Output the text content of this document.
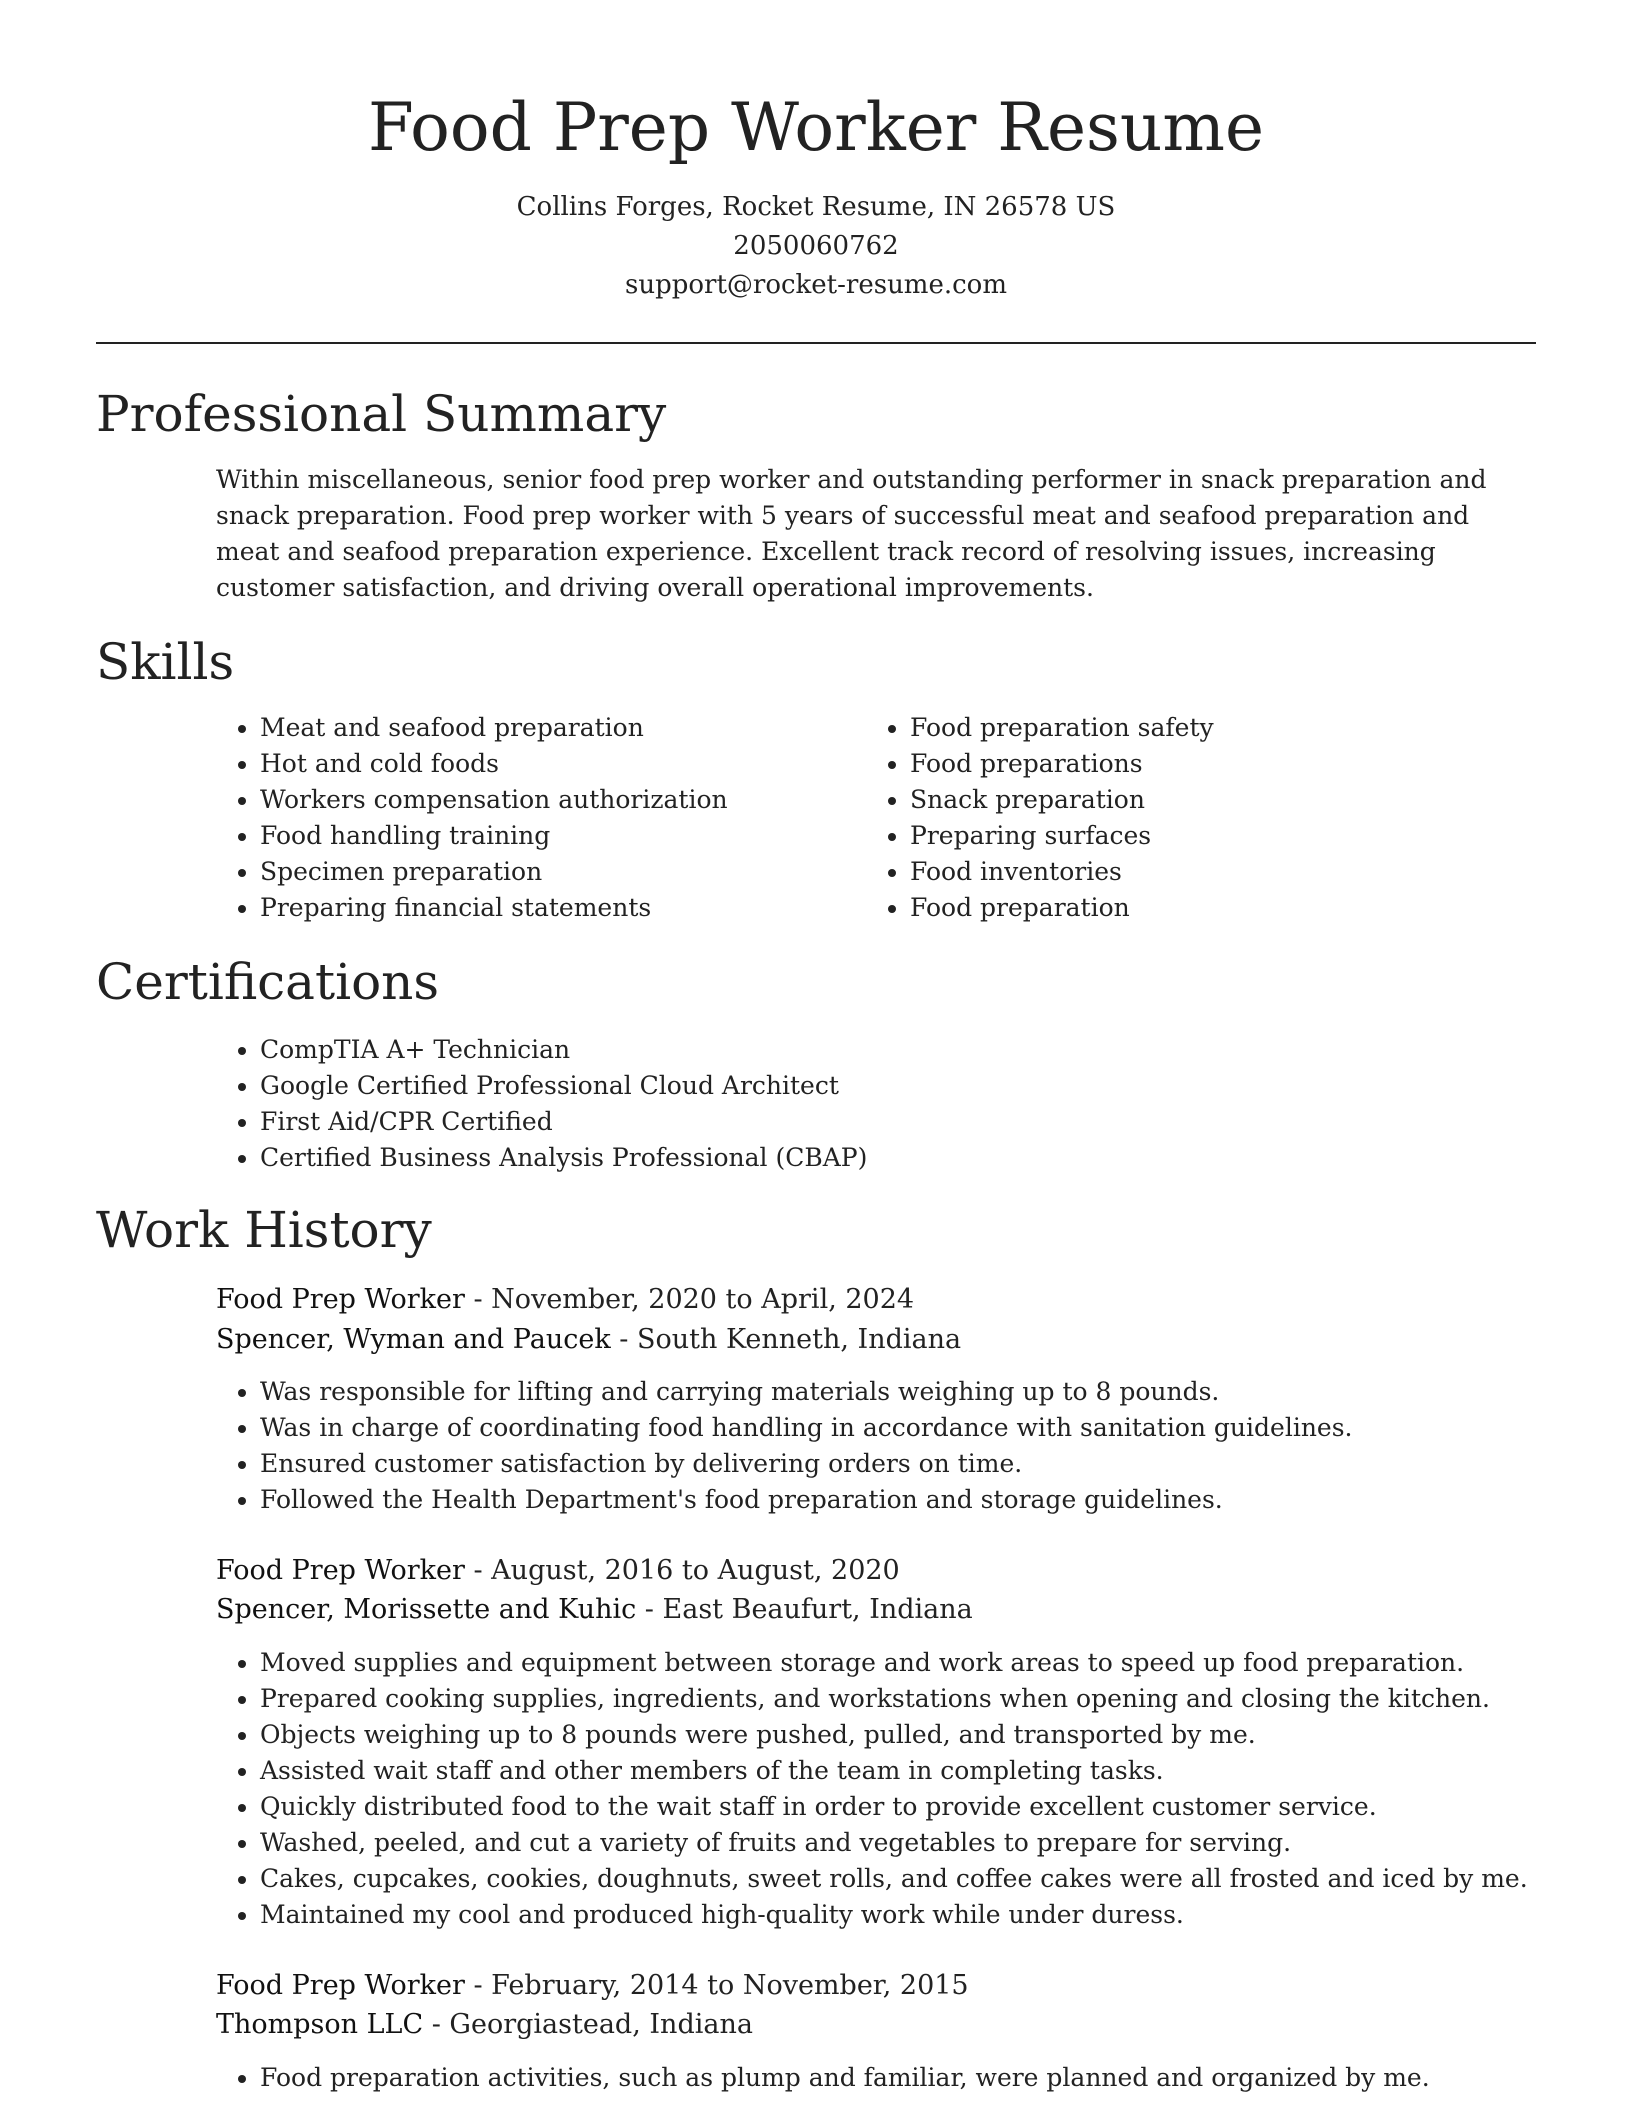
Food Prep Worker Resume

Collins Forges, Rocket Resume, IN 26578 US

2050060762

support@rocket-resume.com

Professional Summary

Within miscellaneous, senior food prep worker and outstanding performer in snack preparation and snack preparation. Food prep worker with 5 years of successful meat and seafood preparation and meat and seafood preparation experience. Excellent track record of resolving issues, increasing customer satisfaction, and driving overall operational improvements.

Skills
• Meat and seafood preparation
• Hot and cold foods
• Workers compensation authorization
• Food handling training
• Specimen preparation
• Preparing financial statements
• Food preparation safety
• Food preparations
• Snack preparation
• Preparing surfaces
• Food inventories
• Food preparation
Certifications
• CompTIA A+ Technician
• Google Certified Professional Cloud Architect
• First Aid/CPR Certified
• Certified Business Analysis Professional (CBAP)
Work History

Food Prep Worker - November, 2020 to April, 2024

Spencer, Wyman and Paucek - South Kenneth, Indiana

• Was responsible for lifting and carrying materials weighing up to 8 pounds.
• Was in charge of coordinating food handling in accordance with sanitation guidelines.
• Ensured customer satisfaction by delivering orders on time.
• Followed the Health Department's food preparation and storage guidelines.

Food Prep Worker - August, 2016 to August, 2020

Spencer, Morissette and Kuhic - East Beaufurt, Indiana

• Moved supplies and equipment between storage and work areas to speed up food preparation.
• Prepared cooking supplies, ingredients, and workstations when opening and closing the kitchen.
• Objects weighing up to 8 pounds were pushed, pulled, and transported by me.
• Assisted wait staff and other members of the team in completing tasks.
• Quickly distributed food to the wait staff in order to provide excellent customer service.
• Washed, peeled, and cut a variety of fruits and vegetables to prepare for serving.
• Cakes, cupcakes, cookies, doughnuts, sweet rolls, and coffee cakes were all frosted and iced by me.
• Maintained my cool and produced high-quality work while under duress.

Food Prep Worker - February, 2014 to November, 2015

Thompson LLC - Georgiastead, Indiana

• Food preparation activities, such as plump and familiar, were planned and organized by me.
